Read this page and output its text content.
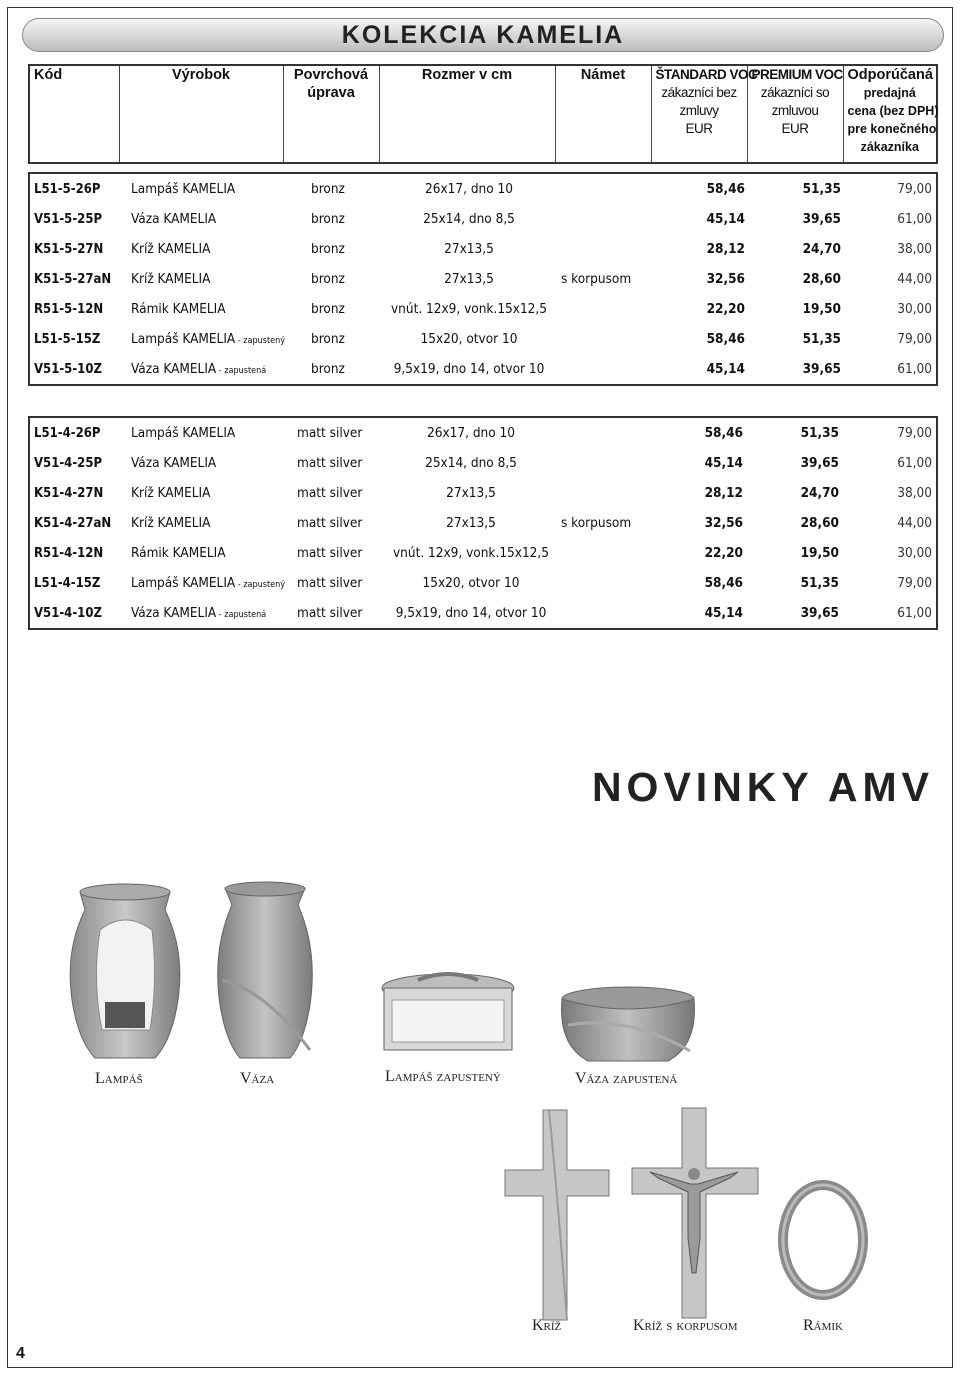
KOLEKCIA KAMELIA
Kód	Výrobok	Povrchová
úprava
	Rozmer v cm	Námet	ŠTANDARD VOC
zákazníci bez
zmluvy
EUR
	PREMIUM VOC
zákazníci so
zmluvou
EUR
	Odporúčaná
predajná
cena (bez DPH)
pre konečného
zákazníka
L51-5-26P	Lampáš KAMELIA	bronz	26x17, dno 10		58,46	51,35	79,00
V51-5-25P	Váza KAMELIA	bronz	25x14, dno 8,5		45,14	39,65	61,00
K51-5-27N	Kríž KAMELIA	bronz	27x13,5		28,12	24,70	38,00
K51-5-27aN	Kríž KAMELIA	bronz	27x13,5	s korpusom	32,56	28,60	44,00
R51-5-12N	Rámik KAMELIA	bronz	vnút. 12x9, vonk.15x12,5		22,20	19,50	30,00
L51-5-15Z	Lampáš KAMELIA - zapustený	bronz	15x20, otvor 10		58,46	51,35	79,00
V51-5-10Z	Váza KAMELIA - zapustená	bronz	9,5x19, dno 14, otvor 10		45,14	39,65	61,00
L51-4-26P	Lampáš KAMELIA	matt silver	26x17, dno 10		58,46	51,35	79,00
V51-4-25P	Váza KAMELIA	matt silver	25x14, dno 8,5		45,14	39,65	61,00
K51-4-27N	Kríž KAMELIA	matt silver	27x13,5		28,12	24,70	38,00
K51-4-27aN	Kríž KAMELIA	matt silver	27x13,5	s korpusom	32,56	28,60	44,00
R51-4-12N	Rámik KAMELIA	matt silver	vnút. 12x9, vonk.15x12,5		22,20	19,50	30,00
L51-4-15Z	Lampáš KAMELIA - zapustený	matt silver	15x20, otvor 10		58,46	51,35	79,00
V51-4-10Z	Váza KAMELIA - zapustená	matt silver	9,5x19, dno 14, otvor 10		45,14	39,65	61,00
NOVINKY AMV
Lampáš	Váza	Lampáš zapustený	Váza zapustená
Kríž	Kríž s korpusom	Rámik
4
